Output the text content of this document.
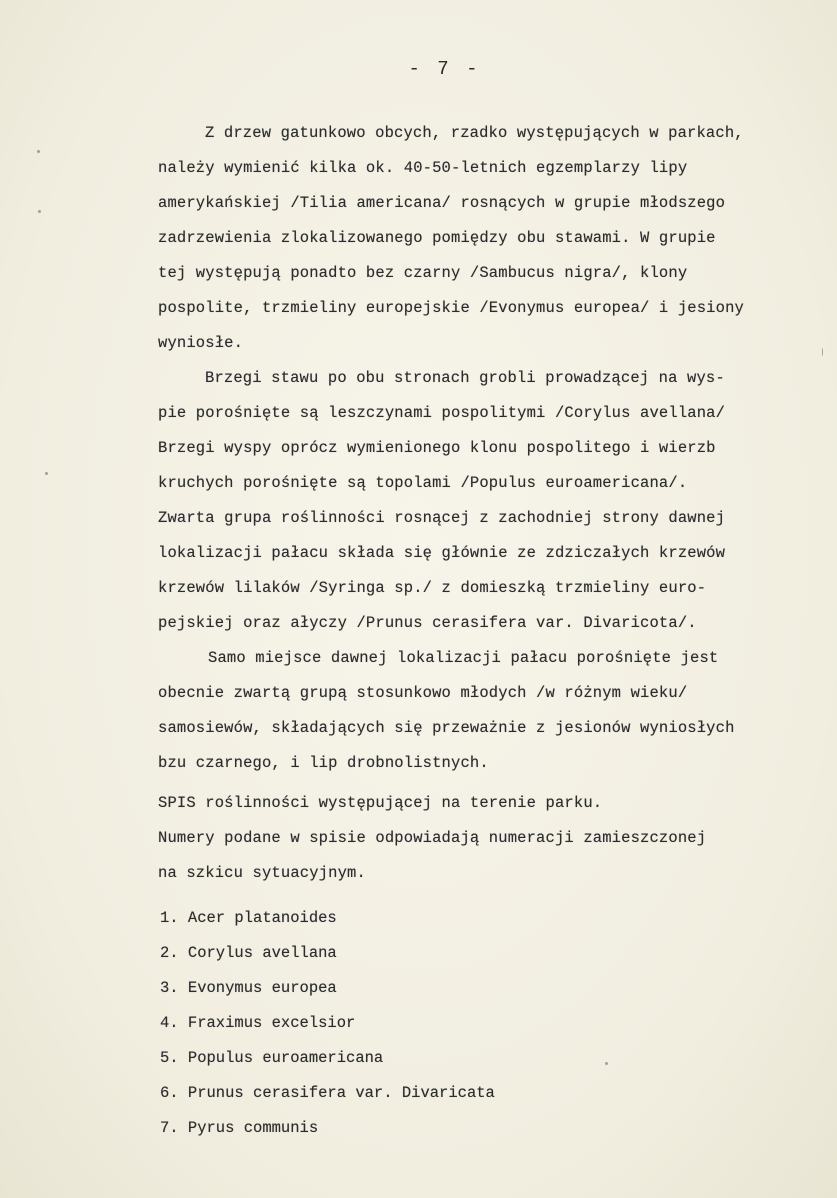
- 7 -
Z drzew gatunkowo obcych, rzadko występujących w parkach,
należy wymienić kilka ok. 40-50-letnich egzemplarzy lipy
amerykańskiej /Tilia americana/ rosnących w grupie młodszego
zadrzewienia zlokalizowanego pomiędzy obu stawami. W grupie
tej występują ponadto bez czarny /Sambucus nigra/, klony
pospolite, trzmieliny europejskie /Evonymus europea/ i jesiony
wyniosłe.
Brzegi stawu po obu stronach grobli prowadzącej na wys-
pie porośnięte są leszczynami pospolitymi /Corylus avellana/
Brzegi wyspy oprócz wymienionego klonu pospolitego i wierzb
kruchych porośnięte są topolami /Populus euroamericana/.
Zwarta grupa roślinności rosnącej z zachodniej strony dawnej
lokalizacji pałacu składa się głównie ze zdziczałych krzewów
krzewów lilaków /Syringa sp./ z domieszką trzmieliny euro-
pejskiej oraz ałyczy /Prunus cerasifera var. Divaricota/.
Samo miejsce dawnej lokalizacji pałacu porośnięte jest
obecnie zwartą grupą stosunkowo młodych /w różnym wieku/
samosiewów, składających się przeważnie z jesionów wyniosłych
bzu czarnego, i lip drobnolistnych.
SPIS roślinności występującej na terenie parku.
Numery podane w spisie odpowiadają numeracji zamieszczonej
na szkicu sytuacyjnym.
1. Acer platanoides
2. Corylus avellana
3. Evonymus europea
4. Fraximus excelsior
5. Populus euroamericana
6. Prunus cerasifera var. Divaricata
7. Pyrus communis
